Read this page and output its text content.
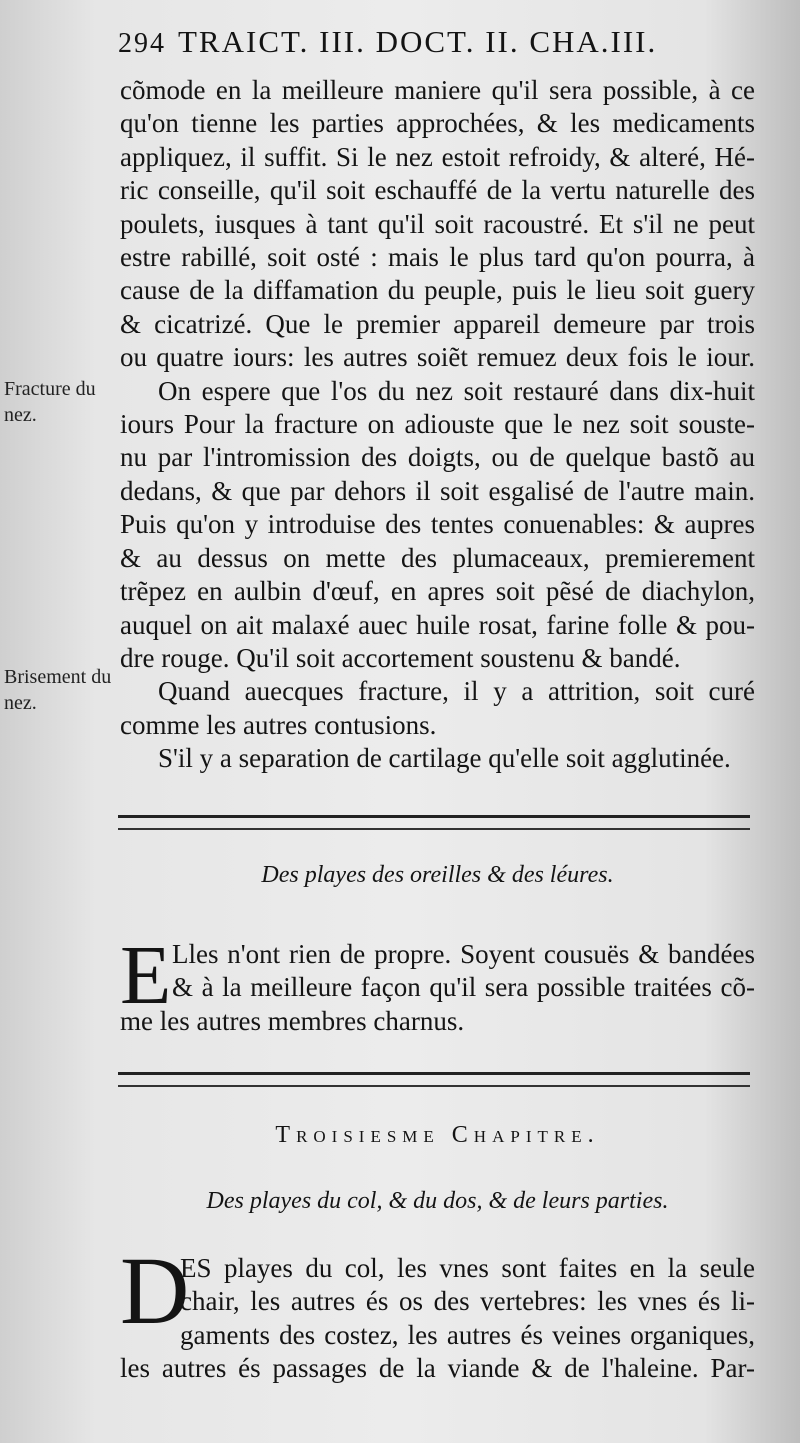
294 TRAICT. III. DOCT. II. CHA.III.
Fracture du nez.
Brisement du nez.
cõmode en la meilleure maniere qu'il sera possible, à ce
qu'on tienne les parties approchées, & les medicaments
appliquez, il suffit. Si le nez estoit refroidy, & alteré, Hé-
ric conseille, qu'il soit eschauffé de la vertu naturelle des
poulets, iusques à tant qu'il soit racoustré. Et s'il ne peut
estre rabillé, soit osté : mais le plus tard qu'on pourra, à
cause de la diffamation du peuple, puis le lieu soit guery
& cicatrizé. Que le premier appareil demeure par trois
ou quatre iours: les autres soiẽt remuez deux fois le iour.
On espere que l'os du nez soit restauré dans dix-huit
iours Pour la fracture on adiouste que le nez soit souste-
nu par l'intromission des doigts, ou de quelque bastõ au
dedans, & que par dehors il soit esgalisé de l'autre main.
Puis qu'on y introduise des tentes conuenables: & aupres
& au dessus on mette des plumaceaux, premierement
trẽpez en aulbin d'œuf, en apres soit pẽsé de diachylon,
auquel on ait malaxé auec huile rosat, farine folle & pou-
dre rouge. Qu'il soit accortement soustenu & bandé.
Quand auecques fracture, il y a attrition, soit curé
comme les autres contusions.
S'il y a separation de cartilage qu'elle soit agglutinée.
Des playes des oreilles & des léures.
E Lles n'ont rien de propre. Soyent cousuës & bandées
& à la meilleure façon qu'il sera possible traitées cõ-
me les autres membres charnus.
Troisiesme Chapitre.
Des playes du col, & du dos, & de leurs parties.
D
ES playes du col, les vnes sont faites en la seule
chair, les autres és os des vertebres: les vnes és li-
gaments des costez, les autres és veines organiques,
les autres és passages de la viande & de l'haleine. Par-
